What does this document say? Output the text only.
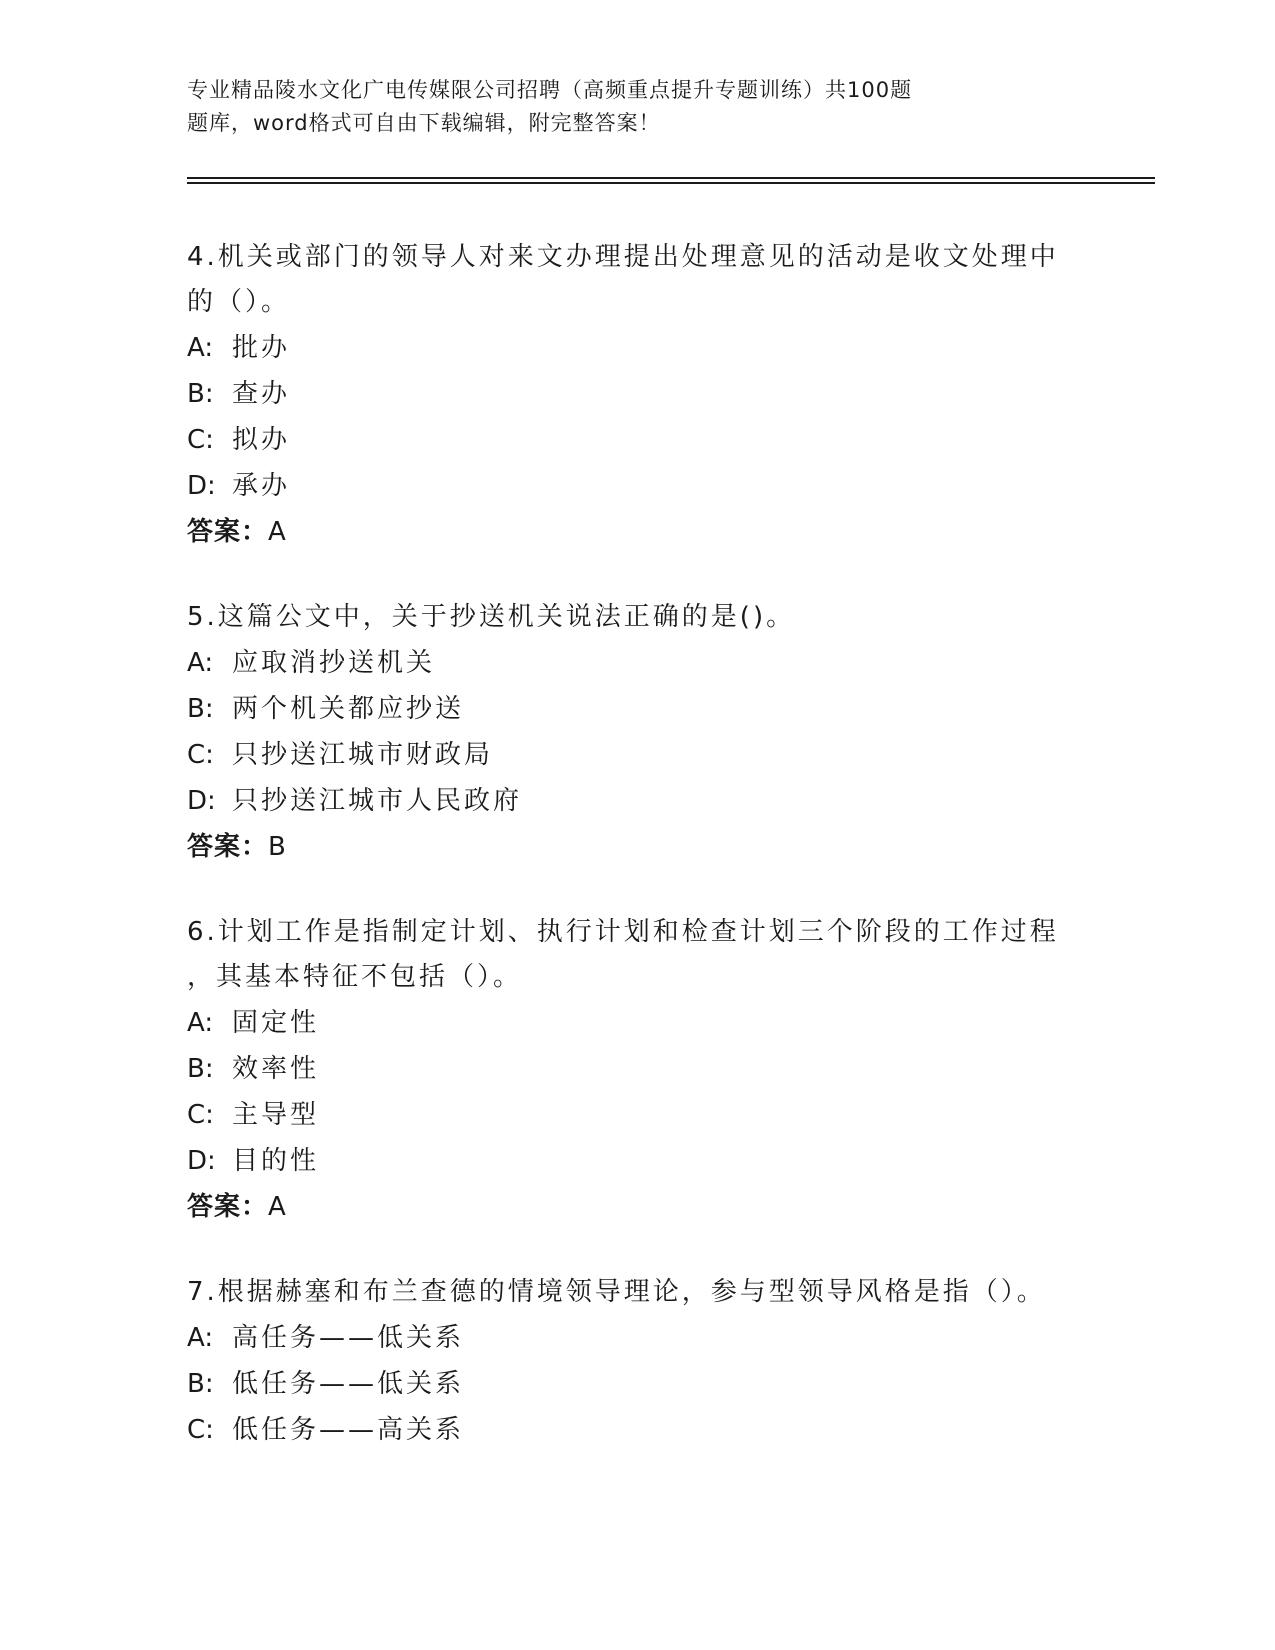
专业精品陵水文化广电传媒限公司招聘（高频重点提升专题训练）共100题
题库，word格式可自由下载编辑，附完整答案！
4.机关或部门的领导人对来文办理提出处理意见的活动是收文处理中
的（）。
A: 批办
B: 查办
C: 拟办
D: 承办
答案：A
5.这篇公文中，关于抄送机关说法正确的是()。
A: 应取消抄送机关
B: 两个机关都应抄送
C: 只抄送江城市财政局
D: 只抄送江城市人民政府
答案：B
6.计划工作是指制定计划、执行计划和检查计划三个阶段的工作过程
，其基本特征不包括（）。
A: 固定性
B: 效率性
C: 主导型
D: 目的性
答案：A
7.根据赫塞和布兰查德的情境领导理论，参与型领导风格是指（）。
A: 高任务——低关系
B: 低任务——低关系
C: 低任务——高关系
